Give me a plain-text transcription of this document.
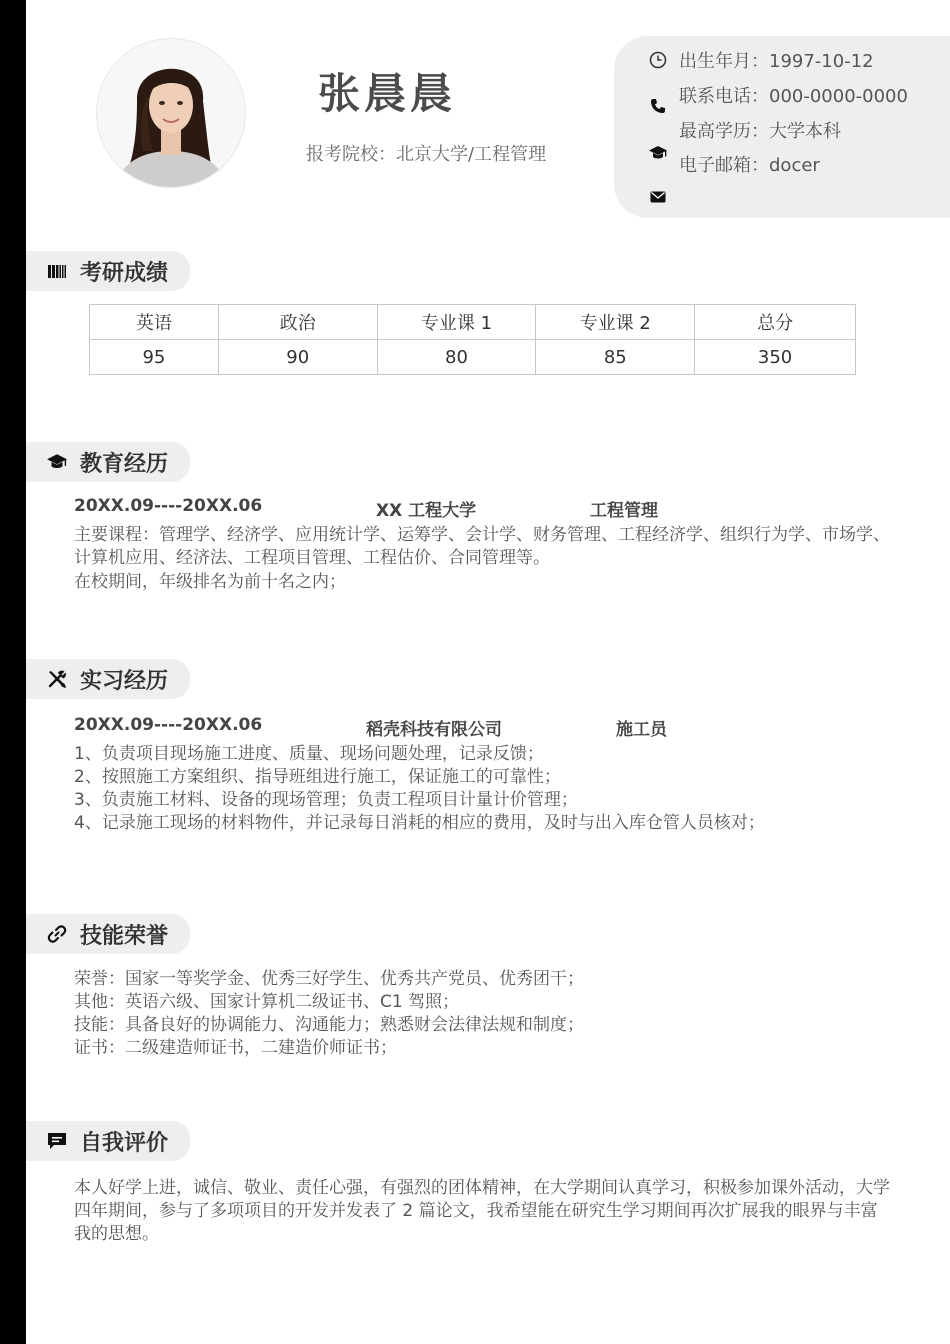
张晨晨
报考院校：北京大学/工程管理
出生年月：1997-10-12
联系电话：000-0000-0000
最高学历：大学本科
电子邮箱：docer
考研成绩
英语	政治	专业课 1	专业课 2	总分
95	90	80	85	350
教育经历
20XX.09----20XX.06	XX 工程大学	工程管理
主要课程：管理学、经济学、应用统计学、运筹学、会计学、财务管理、工程经济学、组织行为学、市场学、计算机应用、经济法、工程项目管理、工程估价、合同管理等。
在校期间，年级排名为前十名之内；
实习经历
20XX.09----20XX.06	稻壳科技有限公司	施工员
1、负责项目现场施工进度、质量、现场问题处理，记录反馈；
2、按照施工方案组织、指导班组进行施工，保证施工的可靠性；
3、负责施工材料、设备的现场管理；负责工程项目计量计价管理；
4、记录施工现场的材料物件，并记录每日消耗的相应的费用，及时与出入库仓管人员核对；
技能荣誉
荣誉：国家一等奖学金、优秀三好学生、优秀共产党员、优秀团干；
其他：英语六级、国家计算机二级证书、C1 驾照；
技能：具备良好的协调能力、沟通能力；熟悉财会法律法规和制度；
证书：二级建造师证书，二建造价师证书；
自我评价
本人好学上进，诚信、敬业、责任心强，有强烈的团体精神，在大学期间认真学习，积极参加课外活动，大学四年期间，参与了多项项目的开发并发表了 2 篇论文，我希望能在研究生学习期间再次扩展我的眼界与丰富我的思想。
